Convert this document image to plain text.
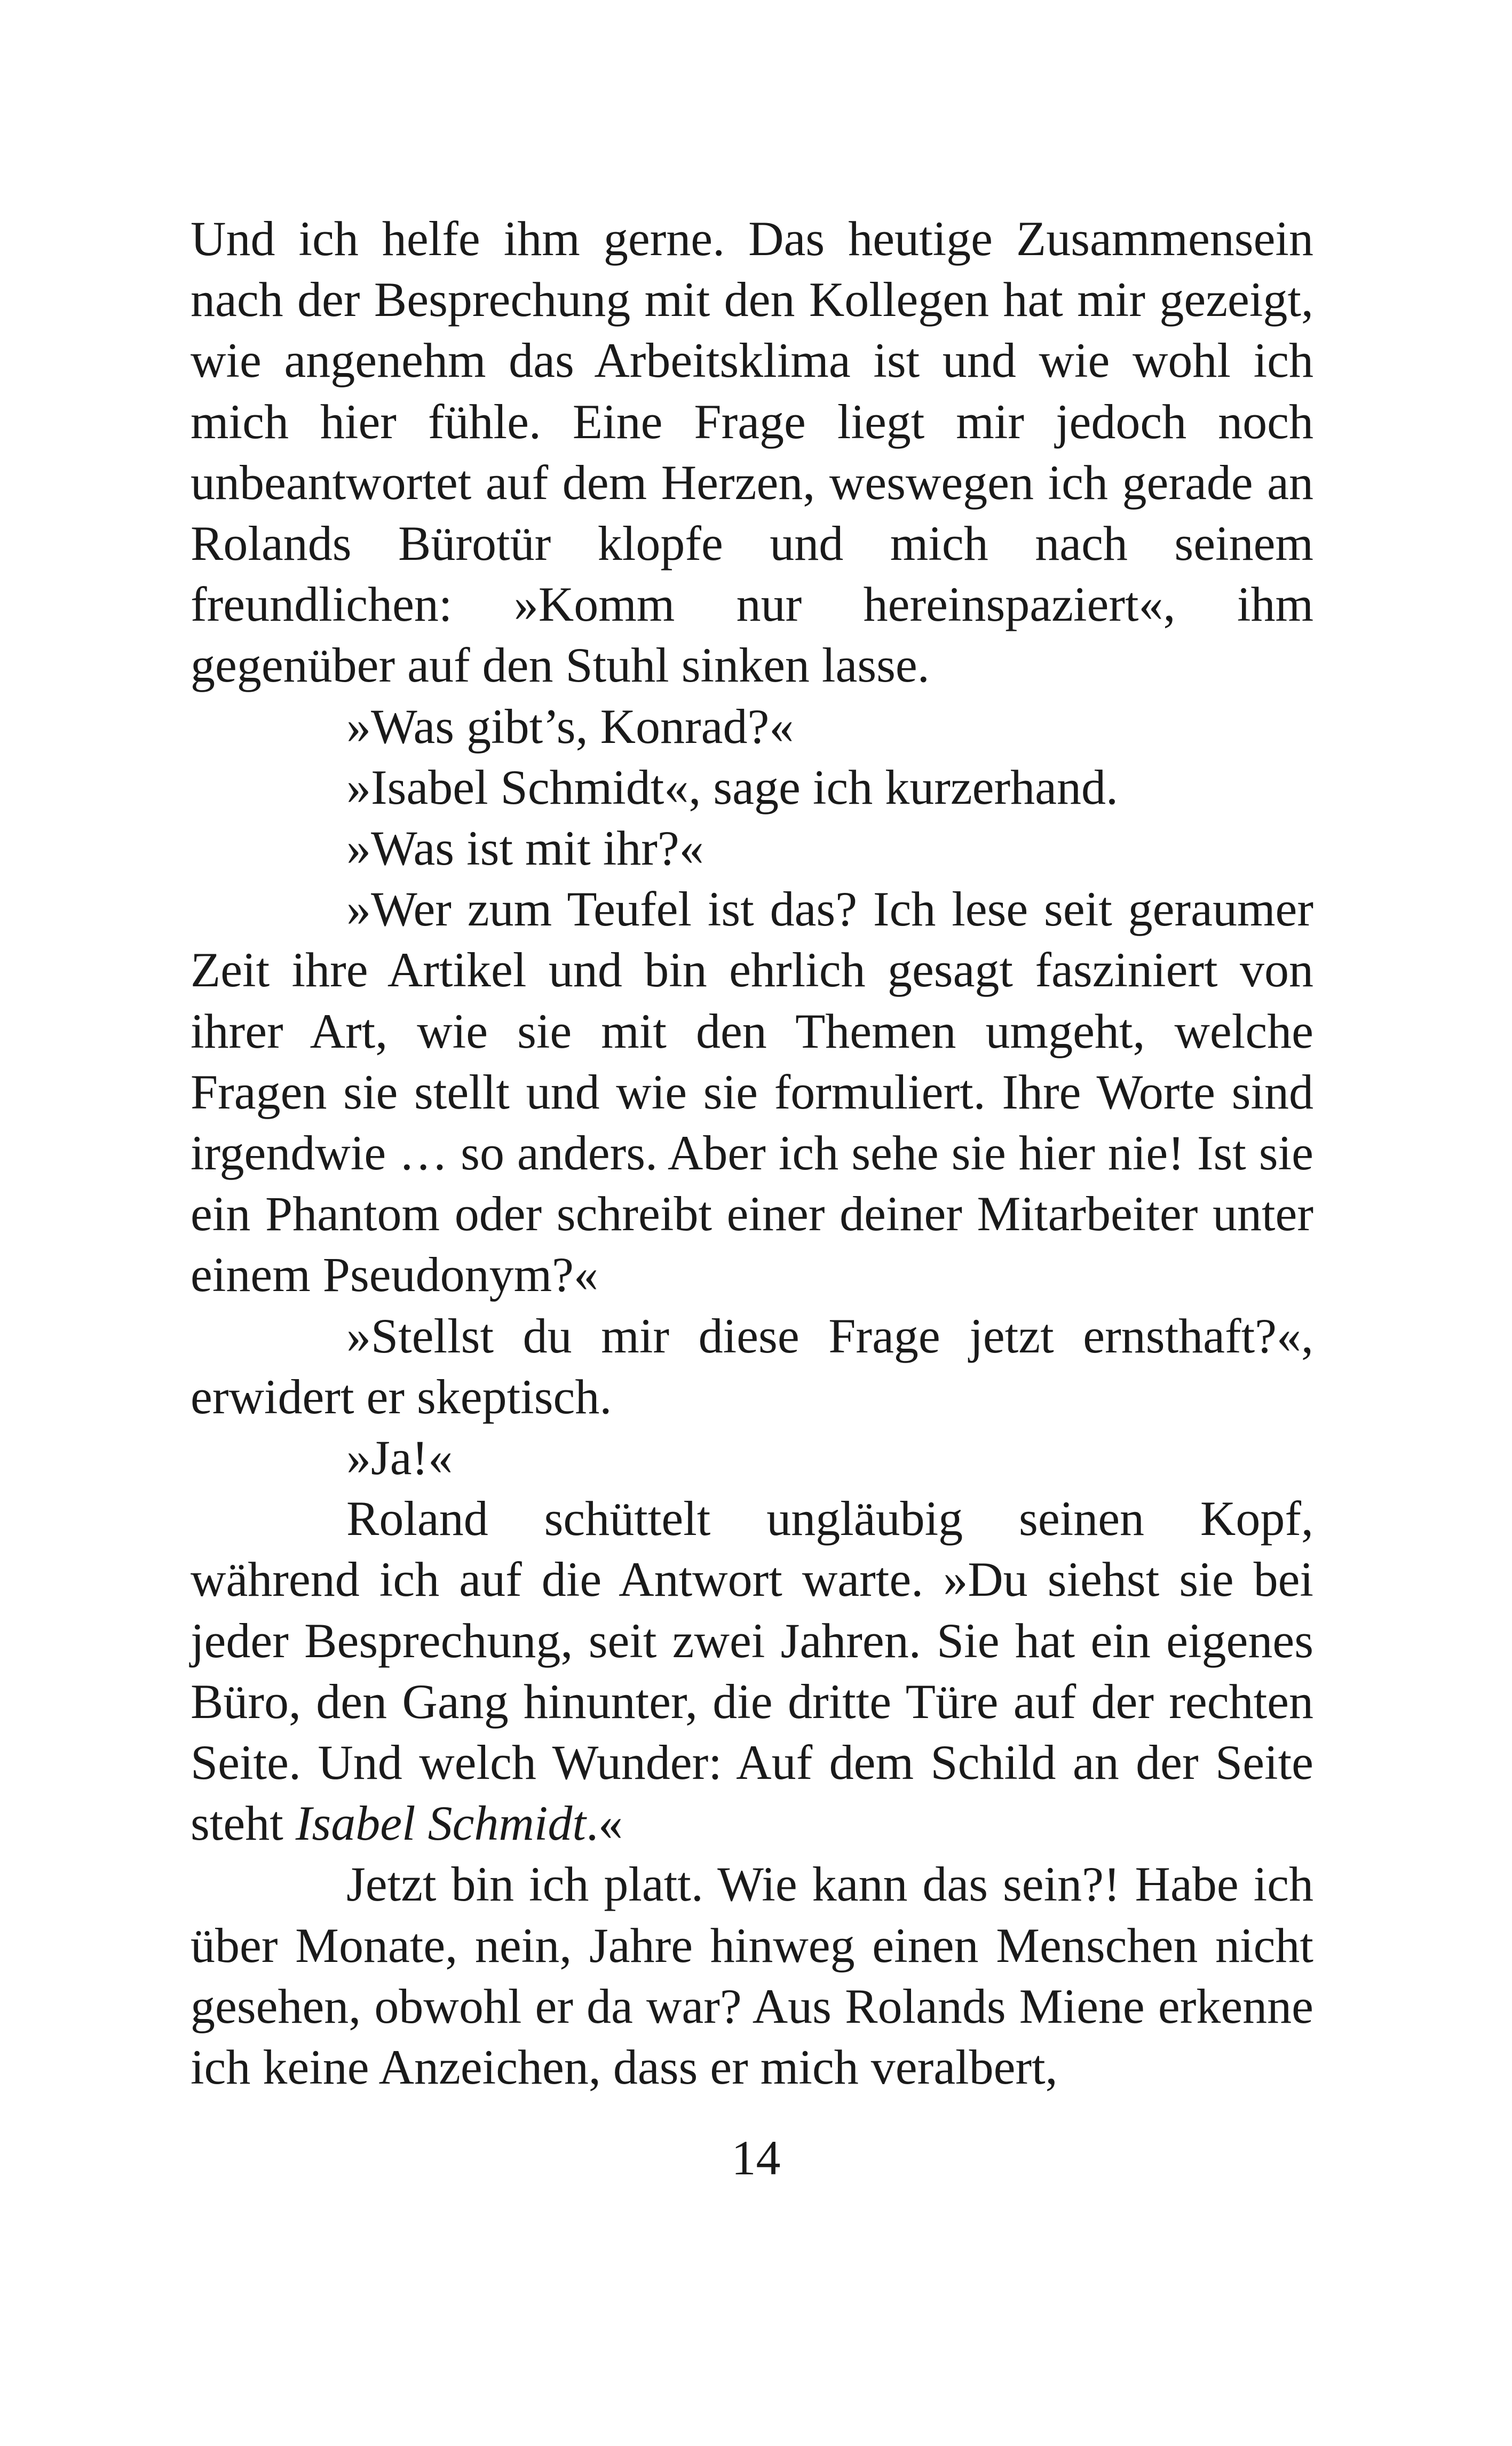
Und ich helfe ihm gerne. Das heutige Zusammensein nach der Besprechung mit den Kollegen hat mir gezeigt, wie angenehm das Arbeitsklima ist und wie wohl ich mich hier fühle. Eine Frage liegt mir jedoch noch unbeantwortet auf dem Herzen, weswegen ich gerade an Rolands Bürotür klopfe und mich nach seinem freundlichen: »Komm nur hereinspaziert«, ihm gegenüber auf den Stuhl sinken lasse.

»Was gibt’s, Konrad?«

»Isabel Schmidt«, sage ich kurzerhand.

»Was ist mit ihr?«

»Wer zum Teufel ist das? Ich lese seit geraumer Zeit ihre Artikel und bin ehrlich gesagt fasziniert von ihrer Art, wie sie mit den Themen umgeht, welche Fragen sie stellt und wie sie formuliert. Ihre Worte sind irgendwie … so anders. Aber ich sehe sie hier nie! Ist sie ein Phantom oder schreibt einer deiner Mitarbeiter unter einem Pseudonym?«

»Stellst du mir diese Frage jetzt ernsthaft?«, erwidert er skeptisch.

»Ja!«

Roland schüttelt ungläubig seinen Kopf, während ich auf die Antwort warte. »Du siehst sie bei jeder Besprechung, seit zwei Jahren. Sie hat ein eigenes Büro, den Gang hinunter, die dritte Türe auf der rechten Seite. Und welch Wunder: Auf dem Schild an der Seite steht Isabel Schmidt.«

Jetzt bin ich platt. Wie kann das sein?! Habe ich über Monate, nein, Jahre hinweg einen Menschen nicht gesehen, obwohl er da war? Aus Rolands Miene erkenne ich keine Anzeichen, dass er mich veralbert,

14
